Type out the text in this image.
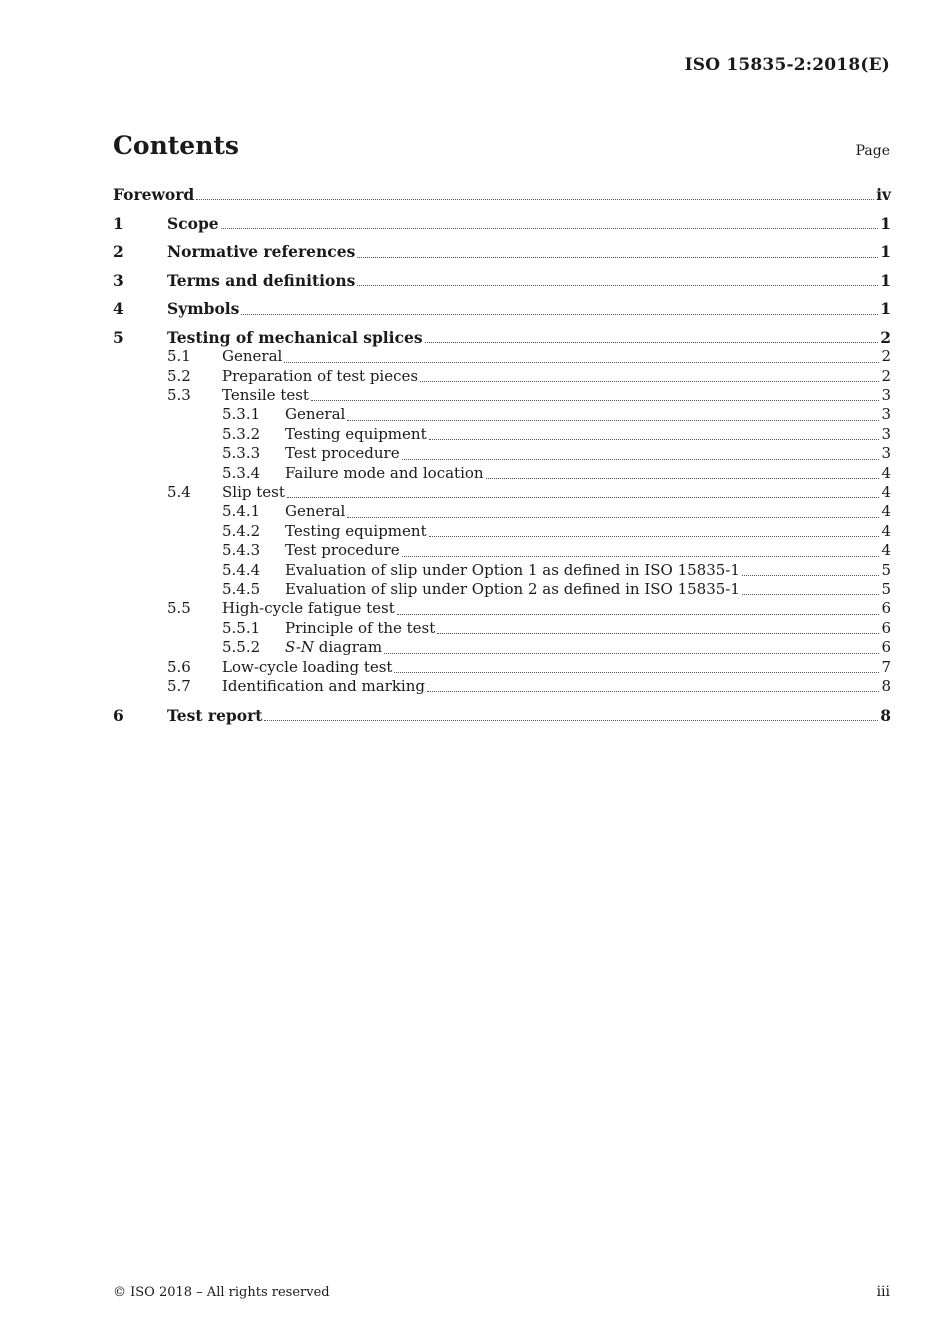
ISO 15835-2:2018(E)
Contents	Page
Foreword	iv
1	Scope	1
2	Normative references	1
3	Terms and definitions	1
4	Symbols	1
5	Testing of mechanical splices	2
5.1	General	2
5.2	Preparation of test pieces	2
5.3	Tensile test	3
5.3.1	General	3
5.3.2	Testing equipment	3
5.3.3	Test procedure	3
5.3.4	Failure mode and location	4
5.4	Slip test	4
5.4.1	General	4
5.4.2	Testing equipment	4
5.4.3	Test procedure	4
5.4.4	Evaluation of slip under Option 1 as defined in ISO 15835-1	5
5.4.5	Evaluation of slip under Option 2 as defined in ISO 15835-1	5
5.5	High-cycle fatigue test	6
5.5.1	Principle of the test	6
5.5.2	S-N diagram	6
5.6	Low-cycle loading test	7
5.7	Identification and marking	8
6	Test report	8
© ISO 2018 – All rights reserved	iii
